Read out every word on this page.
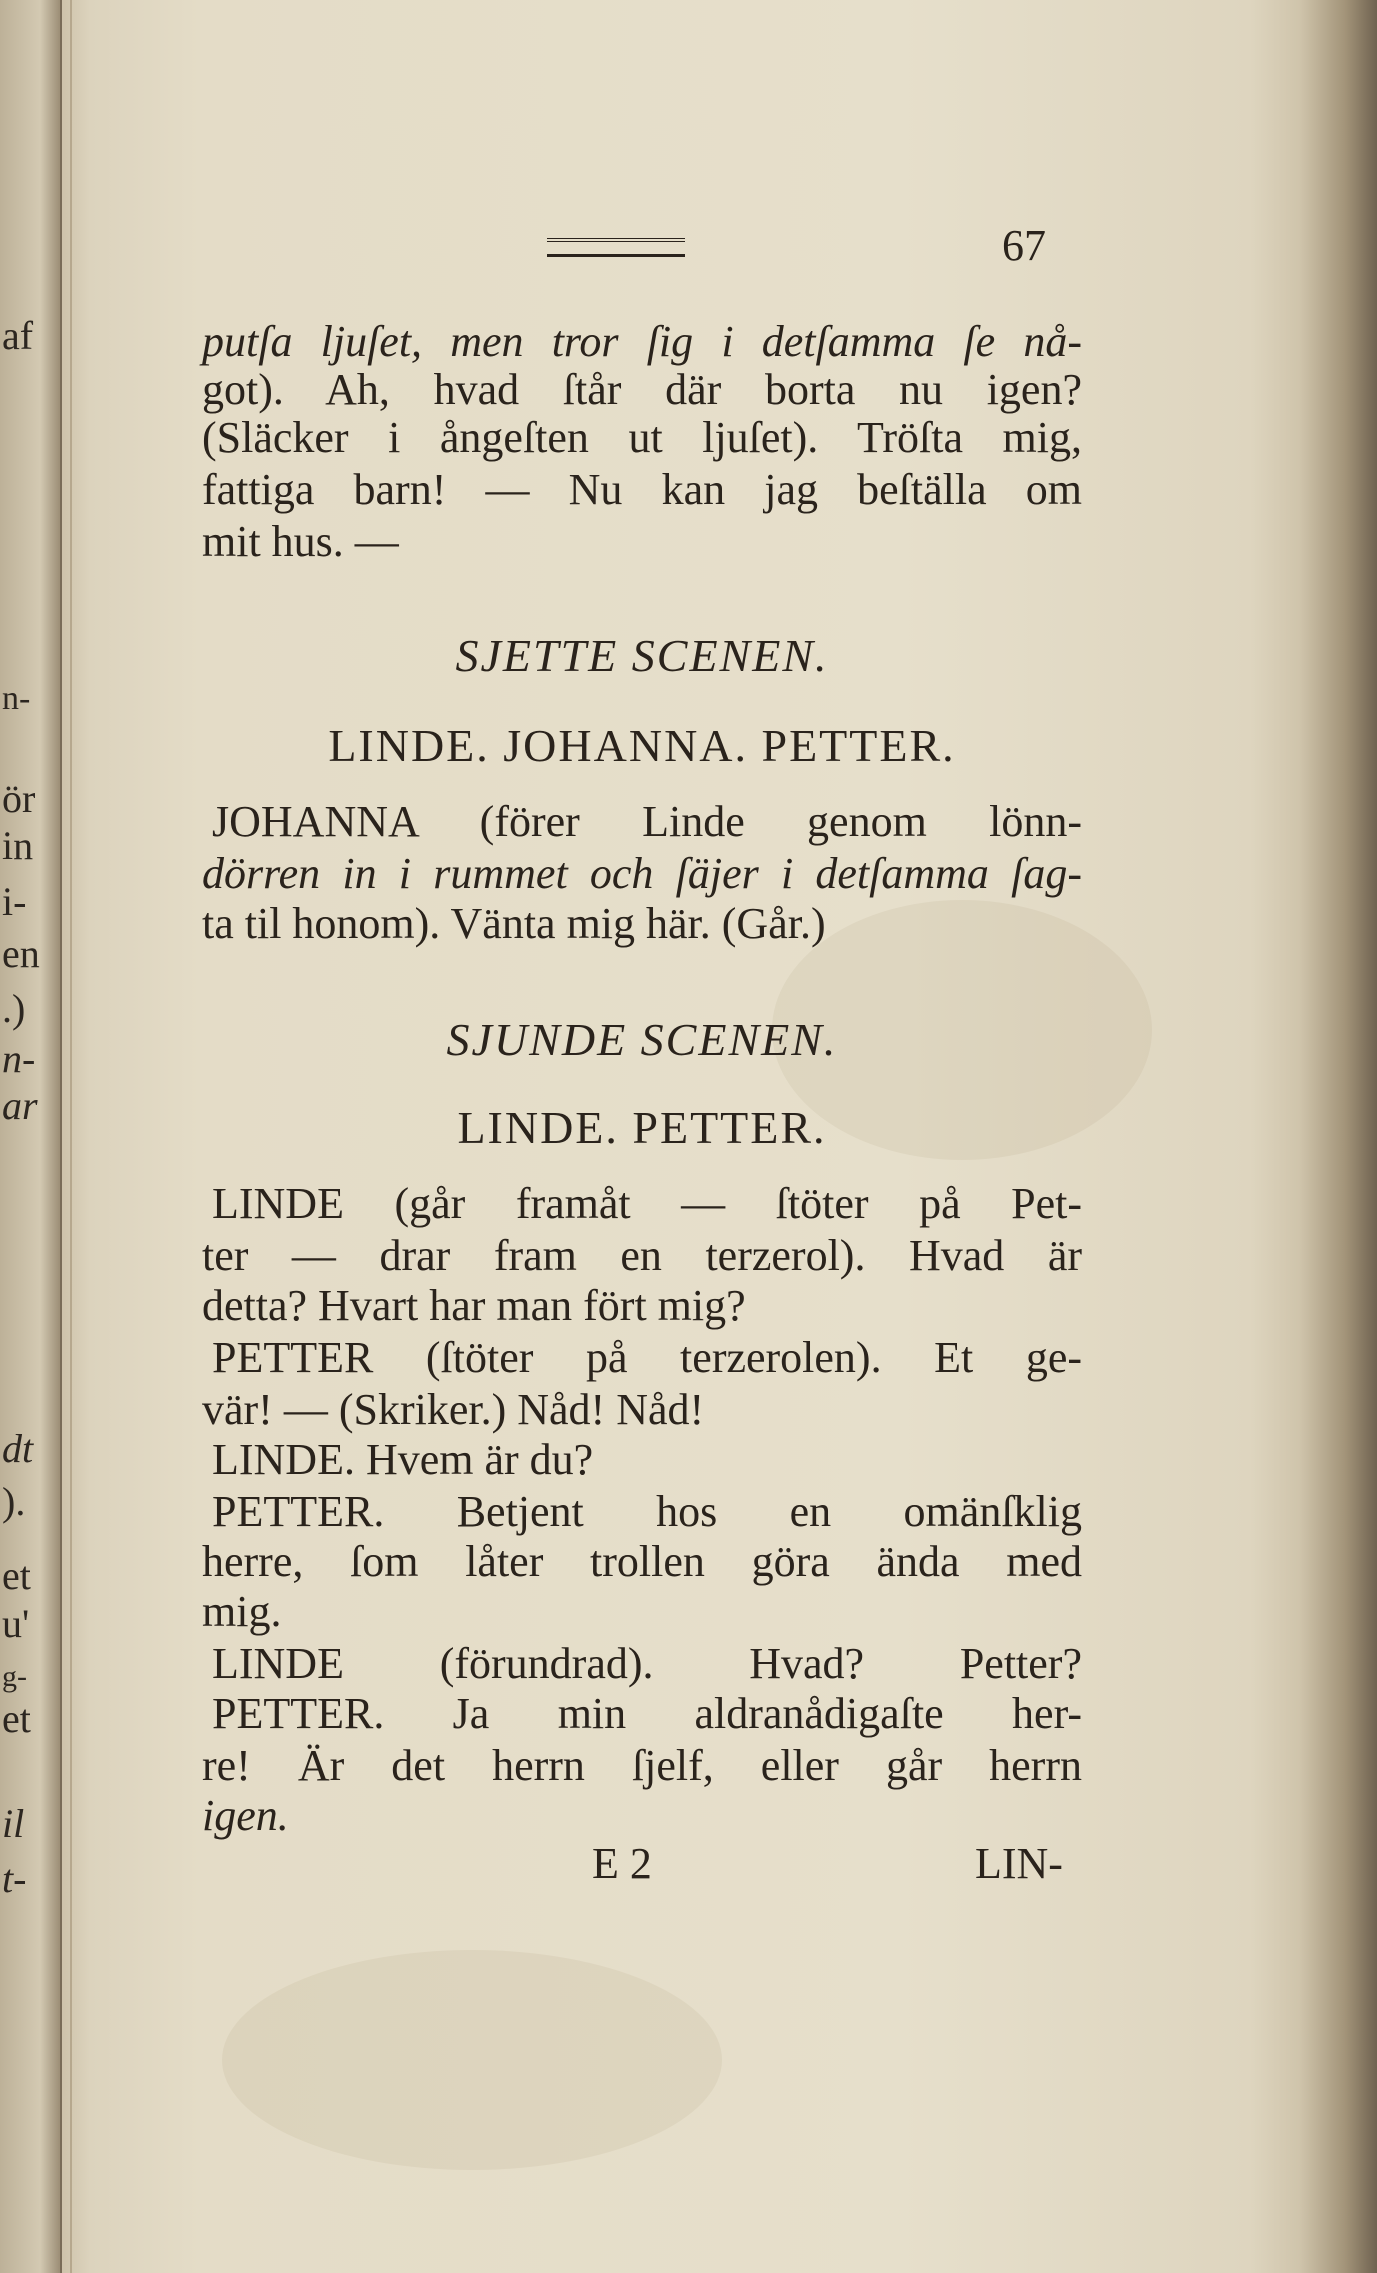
af
n-
ör
in
i-
en
.)
n-
ar
dt
).
et
u'
g-
et
il
t-
67
putſa ljuſet, men tror ſig i detſamma ſe nå-
got). Ah, hvad ſtår där borta nu igen?
(Släcker i ångeſten ut ljuſet). Tröſta mig,
fattiga barn! — Nu kan jag beſtälla om
mit hus. —
SJETTE SCENEN.
LINDE. JOHANNA. PETTER.
JOHANNA (förer Linde genom lönn-
dörren in i rummet och ſäjer i detſamma ſag-
ta til honom). Vänta mig här. (Går.)
SJUNDE SCENEN.
LINDE. PETTER.
LINDE (går framåt — ſtöter på Pet-
ter — drar fram en terzerol). Hvad är
detta? Hvart har man fört mig?
PETTER (ſtöter på terzerolen). Et ge-
vär! — (Skriker.) Nåd! Nåd!
LINDE. Hvem är du?
PETTER. Betjent hos en omänſklig
herre, ſom låter trollen göra ända med
mig.
LINDE (förundrad). Hvad? Petter?
PETTER. Ja min aldranådigaſte her-
re! Är det herrn ſjelf, eller går herrn
igen.
E 2	LIN-
